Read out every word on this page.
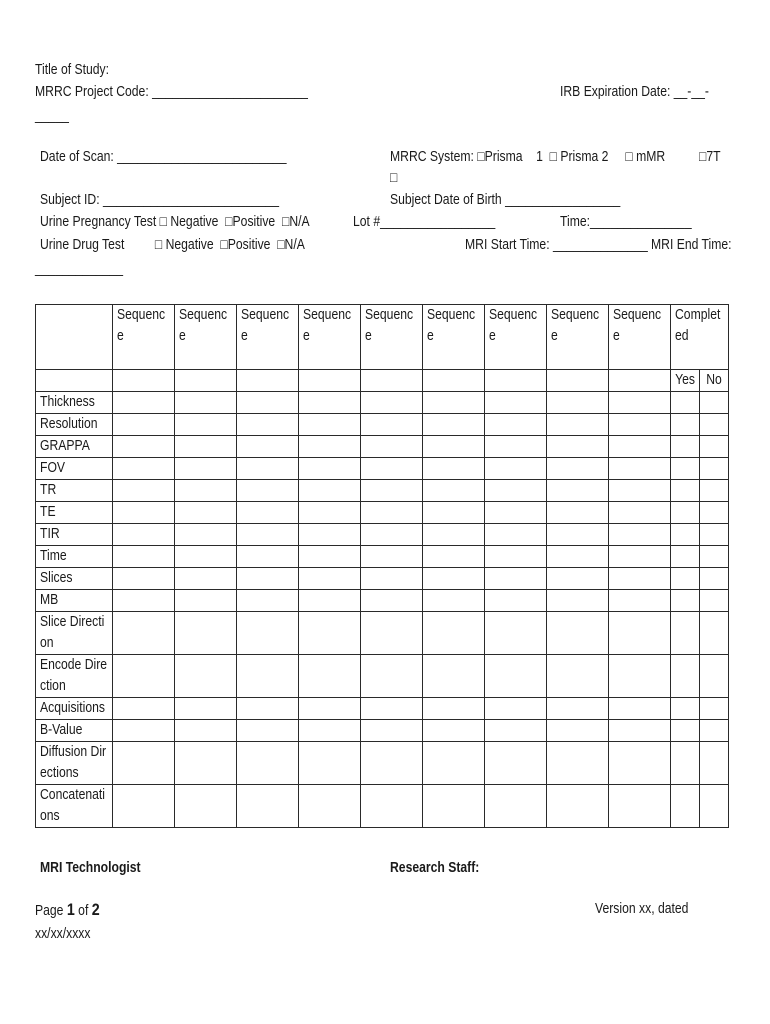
Title of Study:
MRRC Project Code: _______________________	IRB Expiration Date: __-__-
_____
Date of Scan: _________________________	MRRC System: □Prisma    1  □ Prisma 2     □ mMR          □7T
□
Subject ID: __________________________	Subject Date of Birth _________________
Urine Pregnancy Test □ Negative  □Positive  □N/A	Lot #_________________	Time:_______________
Urine Drug Test         □ Negative  □Positive  □N/A	MRI Start Time: ______________ MRI End Time:
_____________

	Sequence	Sequence	Sequence	Sequence	Sequence	Sequence	Sequence	Sequence	Sequence	Completed	

										Yes	No

Thickness											

Resolution											

GRAPPA											

FOV											

TR											

TE											

TIR											

Time											

Slices											

MB											

Slice Direction											

Encode Direction											

Acquisitions											

B-Value											

Diffusion Directions											

Concatenations											

MRI Technologist	Research Staff:
Page 1 of 2
xx/xx/xxxx
Version xx, dated
